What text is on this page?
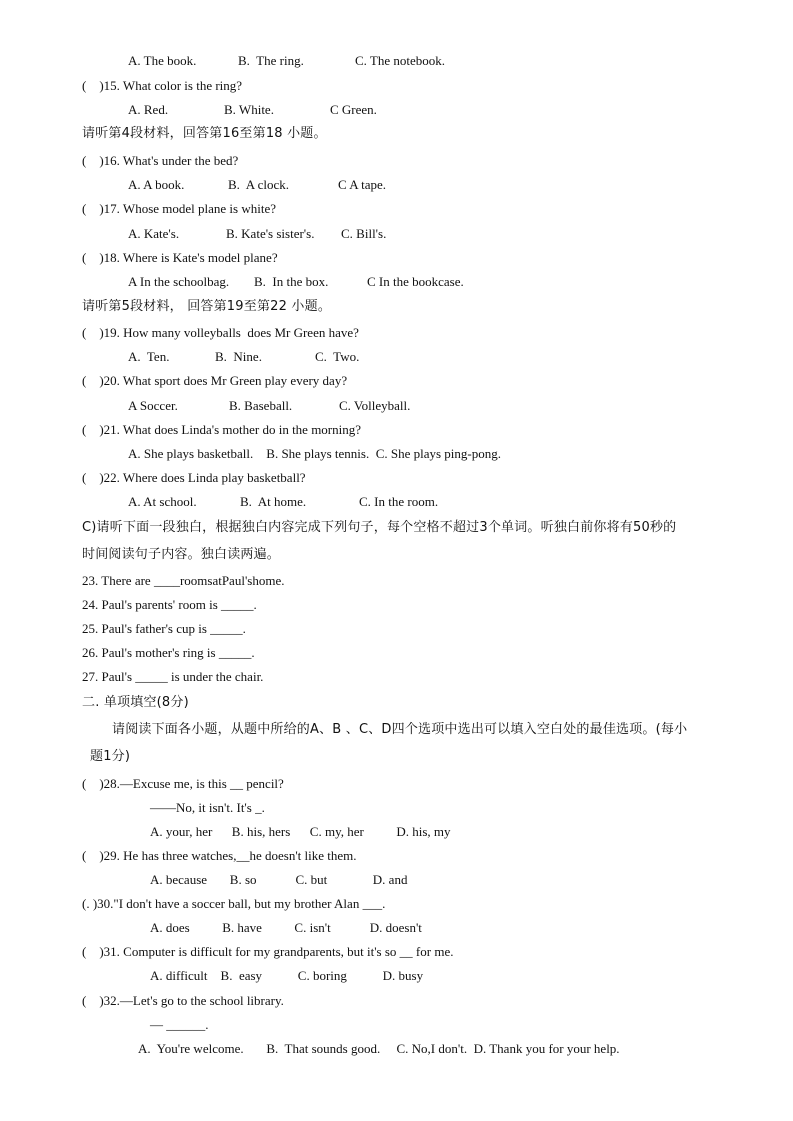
A. The book.	B.  The ring.	C. The notebook.
(    )15. What color is the ring?
A. Red.	B. White.	C Green.
请听第4段材料，回答第16至第18 小题。
(    )16. What's under the bed?
A. A book.	B.  A clock.	C A tape.
(    )17. Whose model plane is white?
A. Kate's.	B. Kate's sister's. C. Bill's.
(    )18. Where is Kate's model plane?
A In the schoolbag. B.  In the box.	C In the bookcase.
请听第5段材料， 回答第19至第22 小题。
(    )19. How many volleyballs  does Mr Green have?
A.  Ten.	B.  Nine.	C.  Two.
(    )20. What sport does Mr Green play every day?
A Soccer.	B. Baseball.	C. Volleyball.
(    )21. What does Linda's mother do in the morning?
A. She plays basketball.    B. She plays tennis.  C. She plays ping-pong.
(    )22. Where does Linda play basketball?
A. At school.	B.  At home.	C. In the room.
C)请听下面一段独白，根据独白内容完成下列句子，每个空格不超过3个单词。听独白前你将有50秒的
时间阅读句子内容。独白读两遍。
23. There are ____roomsatPaul'shome.
24. Paul's parents' room is _____.
25. Paul's father's cup is _____.
26. Paul's mother's ring is _____.
27. Paul's _____ is under the chair.
二. 单项填空(8分)
请阅读下面各小题，从题中所给的A、B 、C、D四个选项中选出可以填入空白处的最佳选项。(每小
题1分)
(    )28.—Excuse me, is this __ pencil?
——No, it isn't. It's _.
A. your, her      B. his, hers      C. my, her          D. his, my
(    )29. He has three watches,__he doesn't like them.
A. because       B. so            C. but              D. and
(. )30."I don't have a soccer ball, but my brother Alan ___.
A. does          B. have          C. isn't            D. doesn't
(    )31. Computer is difficult for my grandparents, but it's so __ for me.
A. difficult    B.  easy           C. boring           D. busy
(    )32.—Let's go to the school library.
— ______.
A.  You're welcome.       B.  That sounds good.     C. No,I don't.  D. Thank you for your help.
